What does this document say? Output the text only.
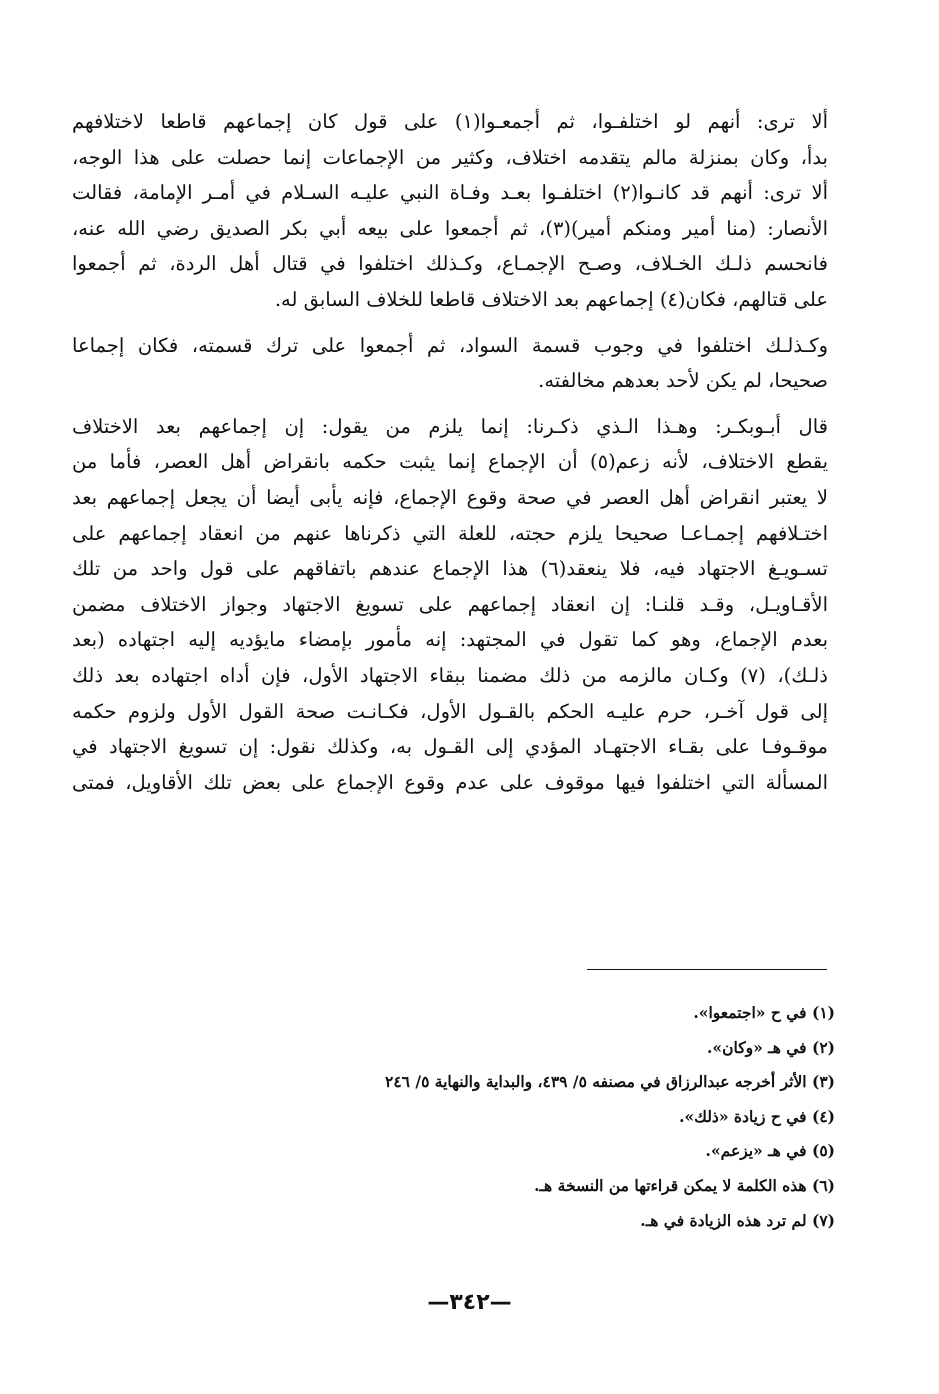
ألا ترى: أنهم لو اختلفـوا، ثم أجمعـوا(١) على قول كان إجماعهم قاطعا لاختلافهم
بدأ، وكان بمنزلة مالم يتقدمه اختلاف، وكثير من الإجماعات إنما حصلت على هذا الوجه،
ألا ترى: أنهم قد كانـوا(٢) اختلفـوا بعـد وفـاة النبي عليـه السـلام في أمـر الإمامة، فقالت
الأنصار: (منا أمير ومنكم أمير)(٣)، ثم أجمعوا على بيعه أبي بكر الصديق رضي الله عنه،
فانحسم ذلـك الخـلاف، وصـح الإجمـاع، وكـذلك اختلفوا في قتال أهل الردة، ثم أجمعوا
على قتالهم، فكان(٤) إجماعهم بعد الاختلاف قاطعا للخلاف السابق له.

وكـذلـك اختلفوا في وجوب قسمة السواد، ثم أجمعوا على ترك قسمته، فكان إجماعا
صحيحا، لم يكن لأحد بعدهم مخالفته.

قال أبـوبكـر: وهـذا الـذي ذكـرنا: إنما يلزم من يقول: إن إجماعهم بعد الاختلاف
يقطع الاختلاف، لأنه زعم(٥) أن الإجماع إنما يثبت حكمه بانقراض أهل العصر، فأما من
لا يعتبر انقراض أهل العصر في صحة وقوع الإجماع، فإنه يأبى أيضا أن يجعل إجماعهم بعد
اختـلافهم إجمـاعـا صحيحا يلزم حجته، للعلة التي ذكرناها عنهم من انعقاد إجماعهم على
تسـويـغ الاجتهاد فيه، فلا ينعقد(٦) هذا الإجماع عندهم باتفاقهم على قول واحد من تلك
الأقـاويـل، وقـد قلنـا: إن انعقاد إجماعهم على تسويغ الاجتهاد وجواز الاختلاف مضمن
بعدم الإجماع، وهو كما تقول في المجتهد: إنه مأمور بإمضاء مايؤديه إليه اجتهاده (بعد
ذلـك)، (٧) وكـان مالزمه من ذلك مضمنا ببقاء الاجتهاد الأول، فإن أداه اجتهاده بعد ذلك
إلى قول آخـر، حرم عليـه الحكم بالقـول الأول، فكـانـت صحة القول الأول ولزوم حكمه
موقـوفـا على بقـاء الاجتهـاد المؤدي إلى القـول به، وكذلك نقول: إن تسويغ الاجتهاد في
المسألة التي اختلفوا فيها موقوف على عدم وقوع الإجماع على بعض تلك الأقاويل، فمتى

(١) في ح «اجتمعوا».
(٢) في هـ «وكان».
(٣) الأثر أخرجه عبدالرزاق في مصنفه ٥/ ٤٣٩، والبداية والنهاية ٥/ ٢٤٦
(٤) في ح زيادة «ذلك».
(٥) في هـ «يزعم».
(٦) هذه الكلمة لا يمكن قراءتها من النسخة هـ.
(٧) لم ترد هذه الزيادة في هـ.
—٣٤٢—
